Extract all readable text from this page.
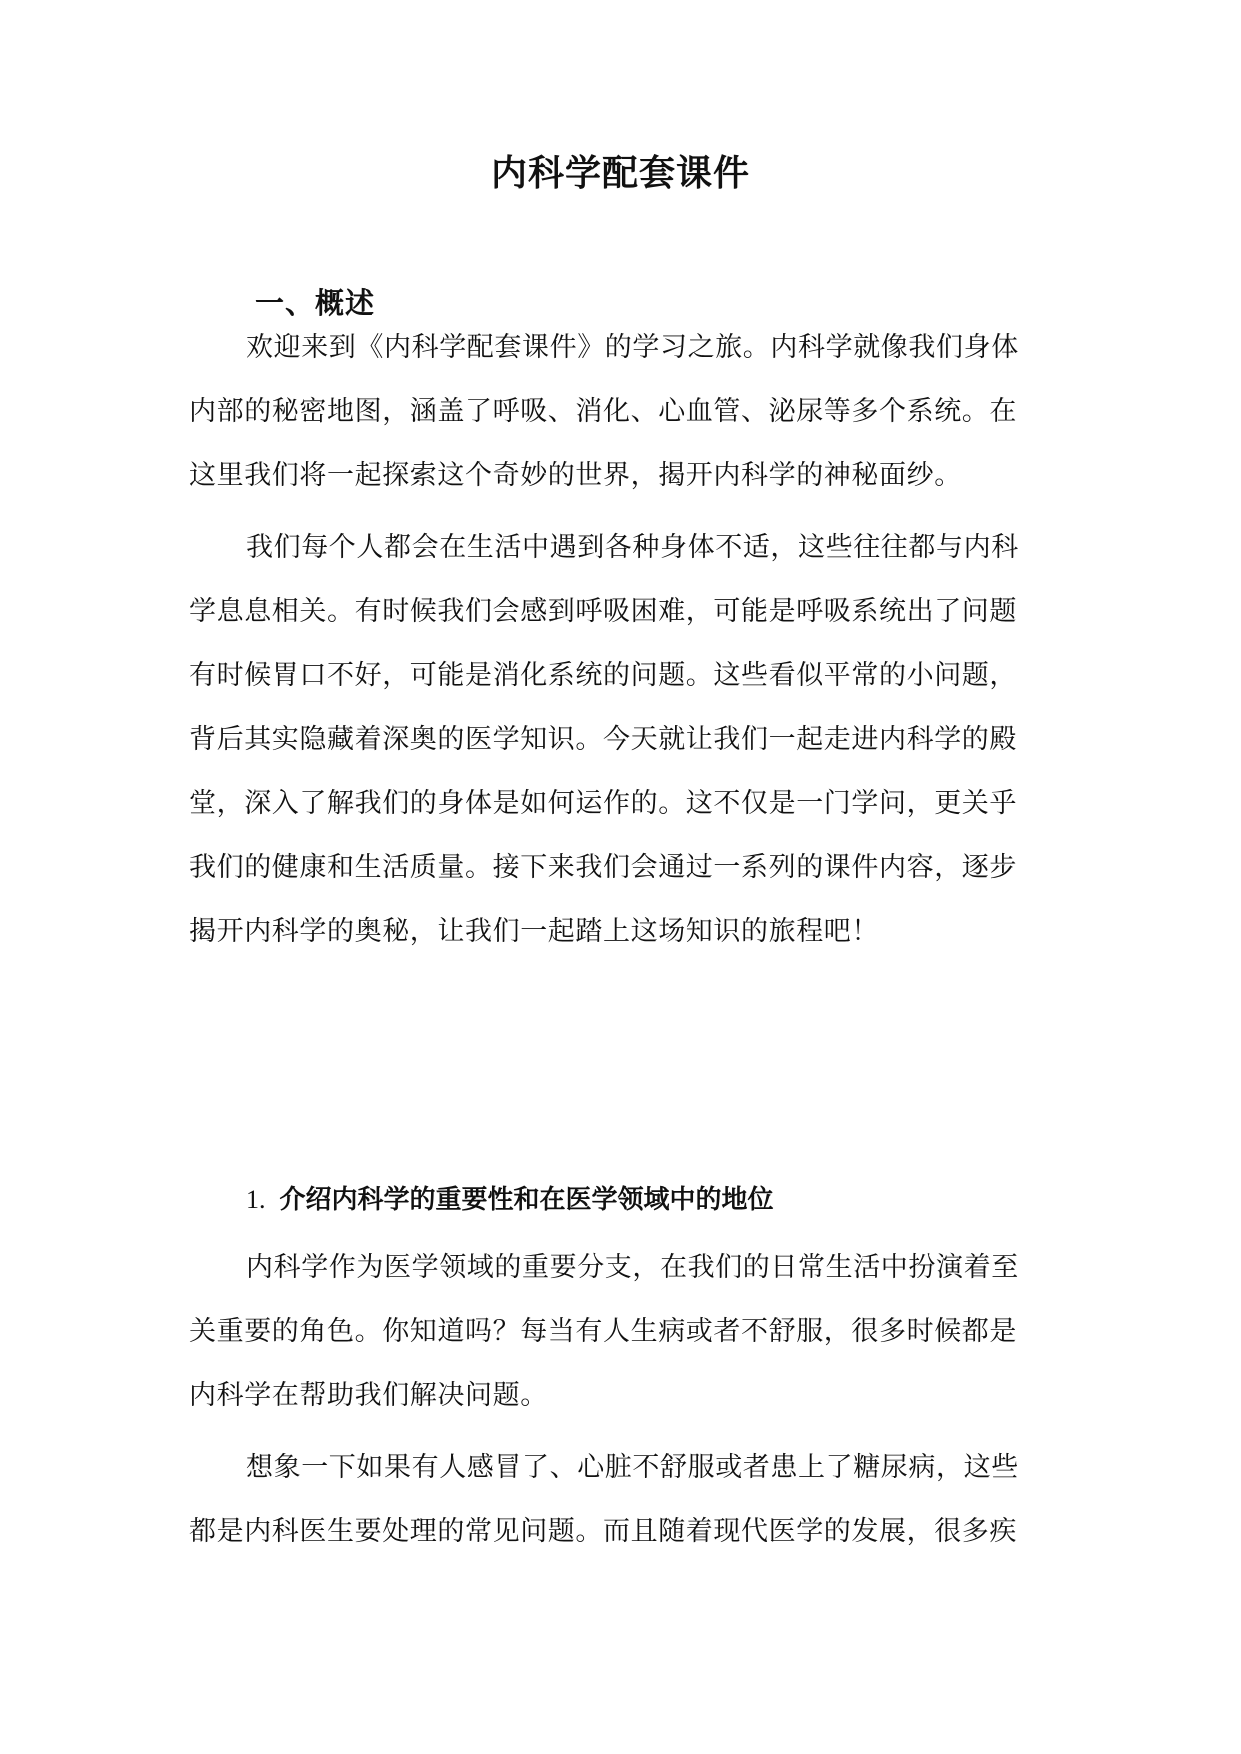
内科学配套课件
一、概述

欢迎来到《内科学配套课件》的学习之旅。内科学就像我们身体

内部的秘密地图，涵盖了呼吸、消化、心血管、泌尿等多个系统。在

这里我们将一起探索这个奇妙的世界，揭开内科学的神秘面纱。

我们每个人都会在生活中遇到各种身体不适，这些往往都与内科

学息息相关。有时候我们会感到呼吸困难，可能是呼吸系统出了问题

有时候胃口不好，可能是消化系统的问题。这些看似平常的小问题，

背后其实隐藏着深奥的医学知识。今天就让我们一起走进内科学的殿

堂，深入了解我们的身体是如何运作的。这不仅是一门学问，更关乎

我们的健康和生活质量。接下来我们会通过一系列的课件内容，逐步

揭开内科学的奥秘，让我们一起踏上这场知识的旅程吧！

1. 介绍内科学的重要性和在医学领域中的地位

内科学作为医学领域的重要分支，在我们的日常生活中扮演着至

关重要的角色。你知道吗？每当有人生病或者不舒服，很多时候都是

内科学在帮助我们解决问题。

想象一下如果有人感冒了、心脏不舒服或者患上了糖尿病，这些

都是内科医生要处理的常见问题。而且随着现代医学的发展，很多疾
